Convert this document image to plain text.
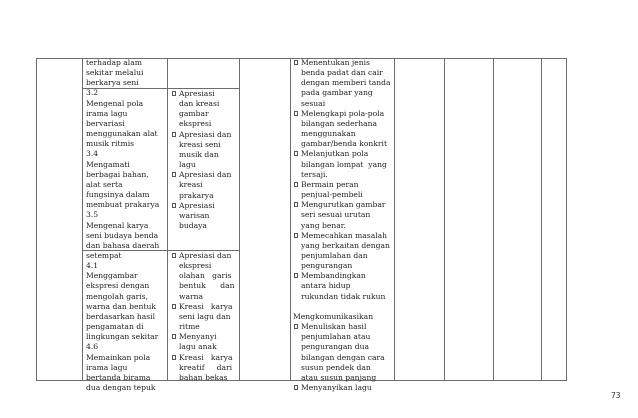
terhadap alam
sekitar melalui
berkarya seni
3.2
Mengenal pola
irama lagu
bervariasi
menggunakan alat
musik ritmis
3.4
Mengamati
berbagai bahan,
alat serta
fungsinya dalam
membuat prakarya
3.5
Mengenal karya
seni budaya benda
dan bahasa daerah
setempat
4.1
Menggambar
ekspresi dengan
mengolah garis,
warna dan bentuk
berdasarkan hasil
pengamatan di
lingkungan sekitar
4.6
Memainkan pola
irama lagu
bertanda birama
dua dengan tepuk
Apresiasi
dan kreasi
gambar
ekspresi
Apresiasi dan
kreasi seni
musik dan
lagu
Apresiasi dan
kreasi
prakarya
Apresiasi
warisan
budaya
Apresiasi dan
ekspresi
olahan   garis
bentuk      dan
warna
Kreasi   karya
seni lagu dan
ritme
Menyanyi
lagu anak
Kreasi   karya
kreatif     dari
bahan bekas
Menentukan jenis
benda padat dan cair
dengan memberi tanda
pada gambar yang
sesuai
Melengkapi pola-pola
bilangan sederhana
menggunakan
gambar/benda konkrit
Melanjutkan pola
bilangan lompat  yang
tersaji.
Bermain peran
penjual-pembeli
Mengurutkan gambar
seri sesuai urutan
yang benar.
Memecahkan masalah
yang berkaitan dengan
penjumlahan dan
pengurangan
Membandingkan
antara hidup
rukundan tidak rukun

Mengkomunikasikan
Menuliskan hasil
penjumlahan atau
pengurangan dua
bilangan dengan cara
susun pendek dan
atau susun panjang
Menyanyikan lagu
73
